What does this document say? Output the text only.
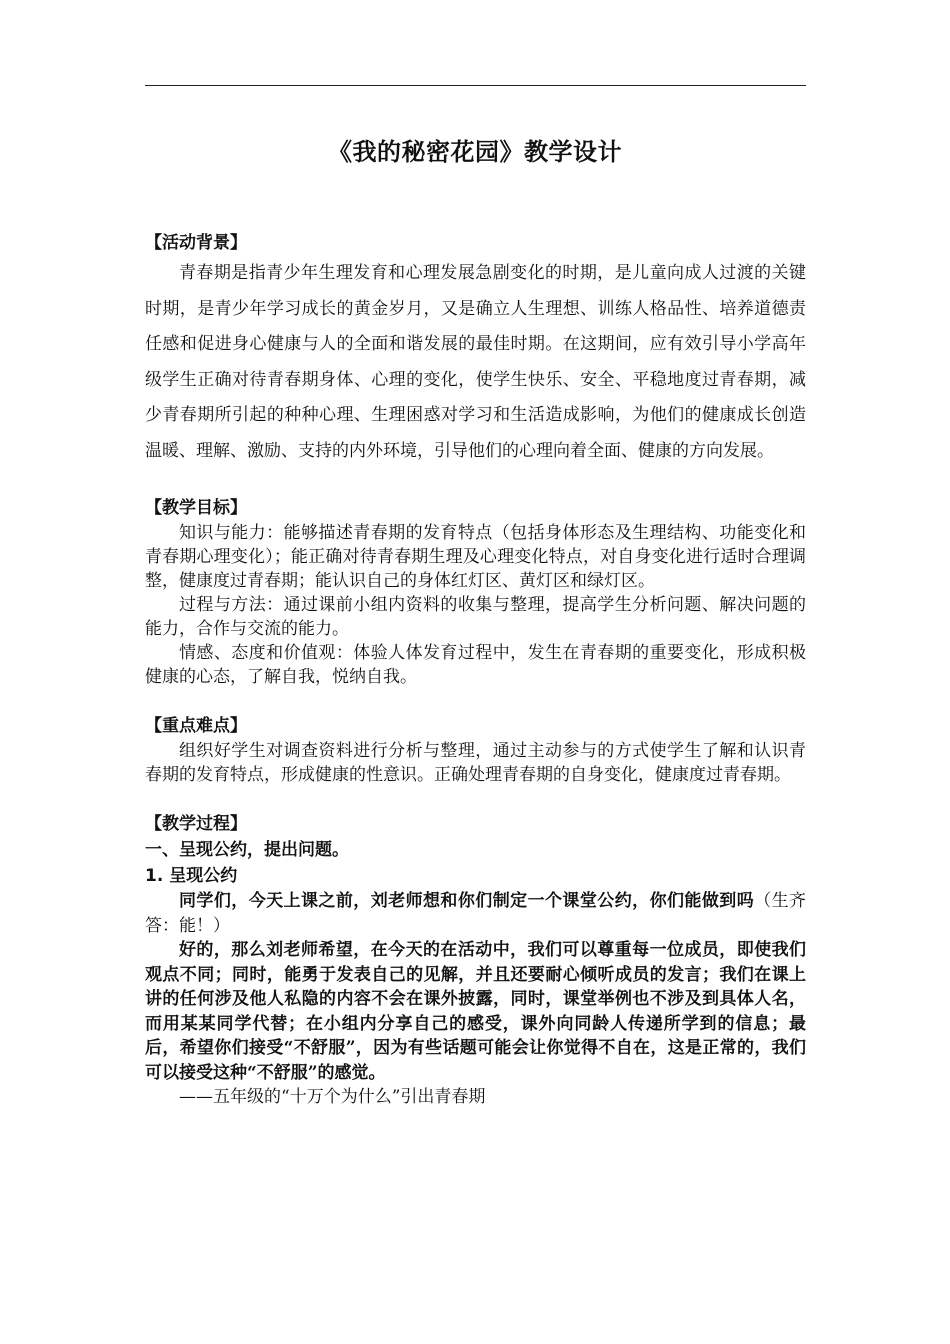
《我的秘密花园》教学设计
【活动背景】

青春期是指青少年生理发育和心理发展急剧变化的时期，是儿童向成人过渡的关键时期，是青少年学习成长的黄金岁月，又是确立人生理想、训练人格品性、培养道德责任感和促进身心健康与人的全面和谐发展的最佳时期。在这期间，应有效引导小学高年级学生正确对待青春期身体、心理的变化，使学生快乐、安全、平稳地度过青春期，减少青春期所引起的种种心理、生理困惑对学习和生活造成影响，为他们的健康成长创造温暖、理解、激励、支持的内外环境，引导他们的心理向着全面、健康的方向发展。

【教学目标】

知识与能力：能够描述青春期的发育特点（包括身体形态及生理结构、功能变化和青春期心理变化）；能正确对待青春期生理及心理变化特点，对自身变化进行适时合理调整，健康度过青春期；能认识自己的身体红灯区、黄灯区和绿灯区。

过程与方法：通过课前小组内资料的收集与整理，提高学生分析问题、解决问题的能力，合作与交流的能力。

情感、态度和价值观：体验人体发育过程中，发生在青春期的重要变化，形成积极健康的心态，了解自我，悦纳自我。

【重点难点】

组织好学生对调查资料进行分析与整理，通过主动参与的方式使学生了解和认识青春期的发育特点，形成健康的性意识。正确处理青春期的自身变化，健康度过青春期。

【教学过程】
一、呈现公约，提出问题。
1. 呈现公约

同学们，今天上课之前，刘老师想和你们制定一个课堂公约，你们能做到吗（生齐答：能！）

好的，那么刘老师希望，在今天的在活动中，我们可以尊重每一位成员，即使我们观点不同；同时，能勇于发表自己的见解，并且还要耐心倾听成员的发言；我们在课上讲的任何涉及他人私隐的内容不会在课外披露，同时，课堂举例也不涉及到具体人名，而用某某同学代替；在小组内分享自己的感受，课外向同龄人传递所学到的信息；最后，希望你们接受“不舒服”，因为有些话题可能会让你觉得不自在，这是正常的，我们可以接受这种“不舒服”的感觉。

——五年级的“十万个为什么”引出青春期
